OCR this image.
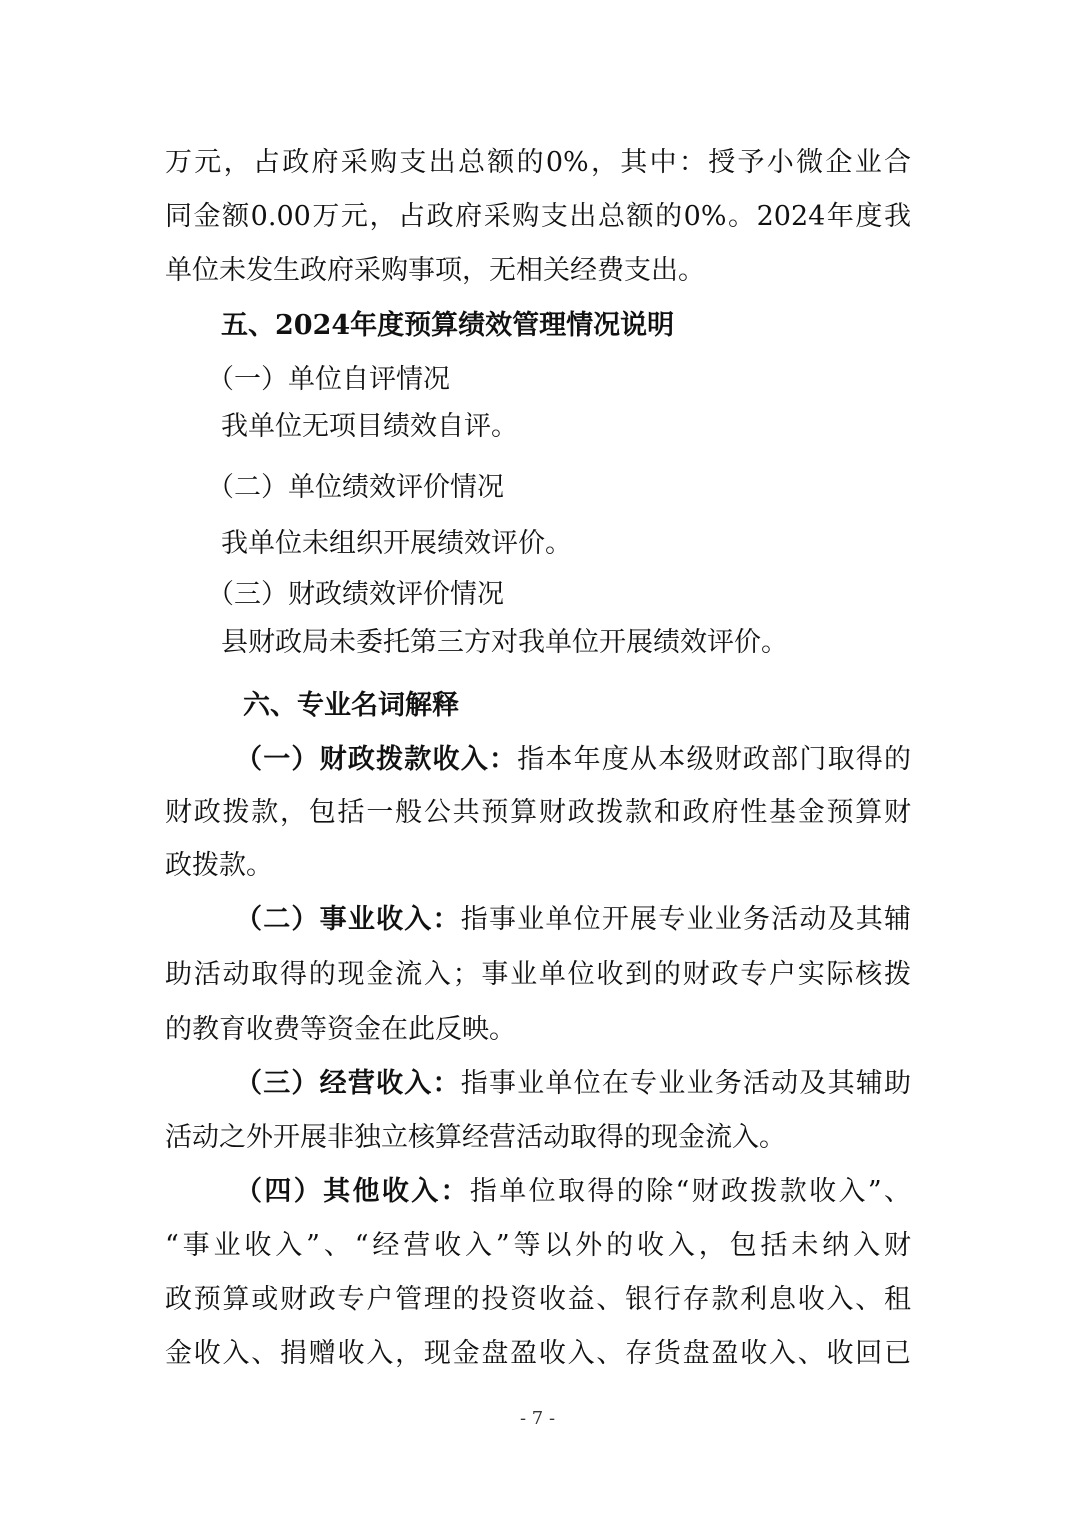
万元，占政府采购支出总额的0%，其中：授予小微企业合
同金额0.00万元，占政府采购支出总额的0%。2024年度我
单位未发生政府采购事项，无相关经费支出。
五、2024年度预算绩效管理情况说明
（一）单位自评情况
我单位无项目绩效自评。
（二）单位绩效评价情况
我单位未组织开展绩效评价。
（三）财政绩效评价情况
县财政局未委托第三方对我单位开展绩效评价。
六、专业名词解释
（一）财政拨款收入：指本年度从本级财政部门取得的
财政拨款，包括一般公共预算财政拨款和政府性基金预算财
政拨款。
（二）事业收入：指事业单位开展专业业务活动及其辅
助活动取得的现金流入；事业单位收到的财政专户实际核拨
的教育收费等资金在此反映。
（三）经营收入：指事业单位在专业业务活动及其辅助
活动之外开展非独立核算经营活动取得的现金流入。
（四）其他收入：指单位取得的除“财政拨款收入”、
“事业收入”、“经营收入”等以外的收入，包括未纳入财
政预算或财政专户管理的投资收益、银行存款利息收入、租
金收入、捐赠收入，现金盘盈收入、存货盘盈收入、收回已
- 7 -
